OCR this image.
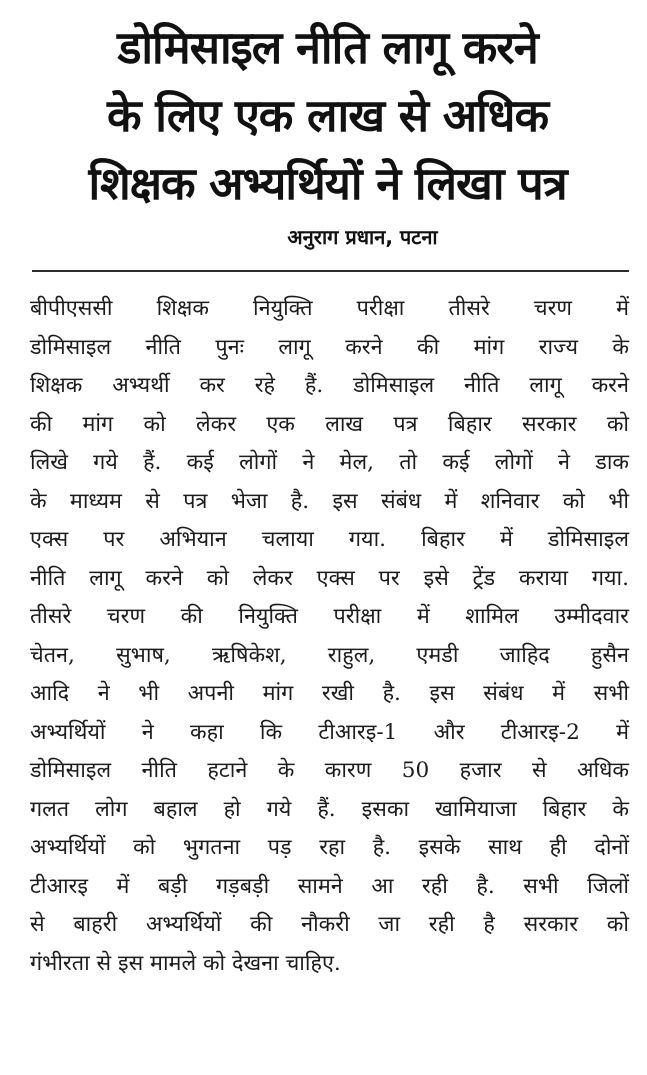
डोमिसाइल नीति लागू करने
के लिए एक लाख से अधिक
शिक्षक अभ्यर्थियों ने लिखा पत्र
अनुराग प्रधान, पटना
बीपीएससी शिक्षक नियुक्ति परीक्षा तीसरे चरण में
डोमिसाइल नीति पुनः लागू करने की मांग राज्य के
शिक्षक अभ्यर्थी कर रहे हैं. डोमिसाइल नीति लागू करने
की मांग को लेकर एक लाख पत्र बिहार सरकार को
लिखे गये हैं. कई लोगों ने मेल, तो कई लोगों ने डाक
के माध्यम से पत्र भेजा है. इस संबंध में शनिवार को भी
एक्स पर अभियान चलाया गया. बिहार में डोमिसाइल
नीति लागू करने को लेकर एक्स पर इसे ट्रेंड कराया गया.
तीसरे चरण की नियुक्ति परीक्षा में शामिल उम्मीदवार
चेतन, सुभाष, ऋषिकेश, राहुल, एमडी जाहिद हुसैन
आदि ने भी अपनी मांग रखी है. इस संबंध में सभी
अभ्यर्थियों ने कहा कि टीआरइ-1 और टीआरइ-2 में
डोमिसाइल नीति हटाने के कारण 50 हजार से अधिक
गलत लोग बहाल हो गये हैं. इसका खामियाजा बिहार के
अभ्यर्थियों को भुगतना पड़ रहा है. इसके साथ ही दोनों
टीआरइ में बड़ी गड़बड़ी सामने आ रही है. सभी जिलों
से बाहरी अभ्यर्थियों की नौकरी जा रही है सरकार को
गंभीरता से इस मामले को देखना चाहिए.
